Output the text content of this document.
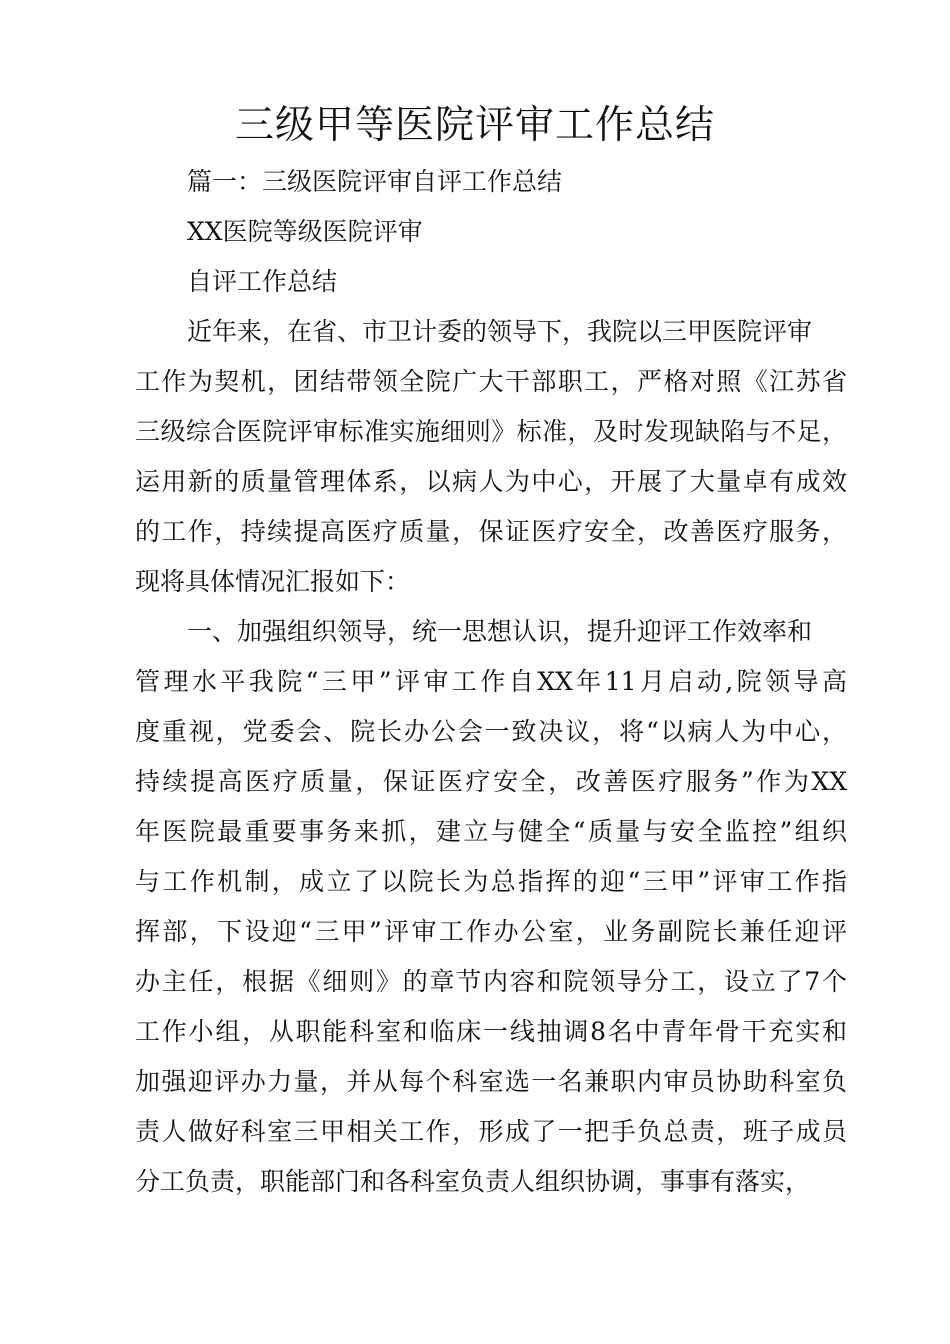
三级甲等医院评审工作总结

篇一：三级医院评审自评工作总结

XX医院等级医院评审

自评工作总结

近年来，在省、市卫计委的领导下，我院以三甲医院评审

工作为契机，团结带领全院广大干部职工，严格对照《江苏省

三级综合医院评审标准实施细则》标准，及时发现缺陷与不足，

运用新的质量管理体系，以病人为中心，开展了大量卓有成效

的工作，持续提高医疗质量，保证医疗安全，改善医疗服务，

现将具体情况汇报如下：

一、加强组织领导，统一思想认识，提升迎评工作效率和

管理水平我院“三甲”评审工作自XX年11月启动,院领导高

度重视，党委会、院长办公会一致决议，将“以病人为中心，

持续提高医疗质量，保证医疗安全，改善医疗服务”作为XX

年医院最重要事务来抓，建立与健全“质量与安全监控”组织

与工作机制，成立了以院长为总指挥的迎“三甲”评审工作指

挥部，下设迎“三甲”评审工作办公室，业务副院长兼任迎评

办主任，根据《细则》的章节内容和院领导分工，设立了7个

工作小组，从职能科室和临床一线抽调8名中青年骨干充实和

加强迎评办力量，并从每个科室选一名兼职内审员协助科室负

责人做好科室三甲相关工作，形成了一把手负总责，班子成员

分工负责，职能部门和各科室负责人组织协调，事事有落实，
